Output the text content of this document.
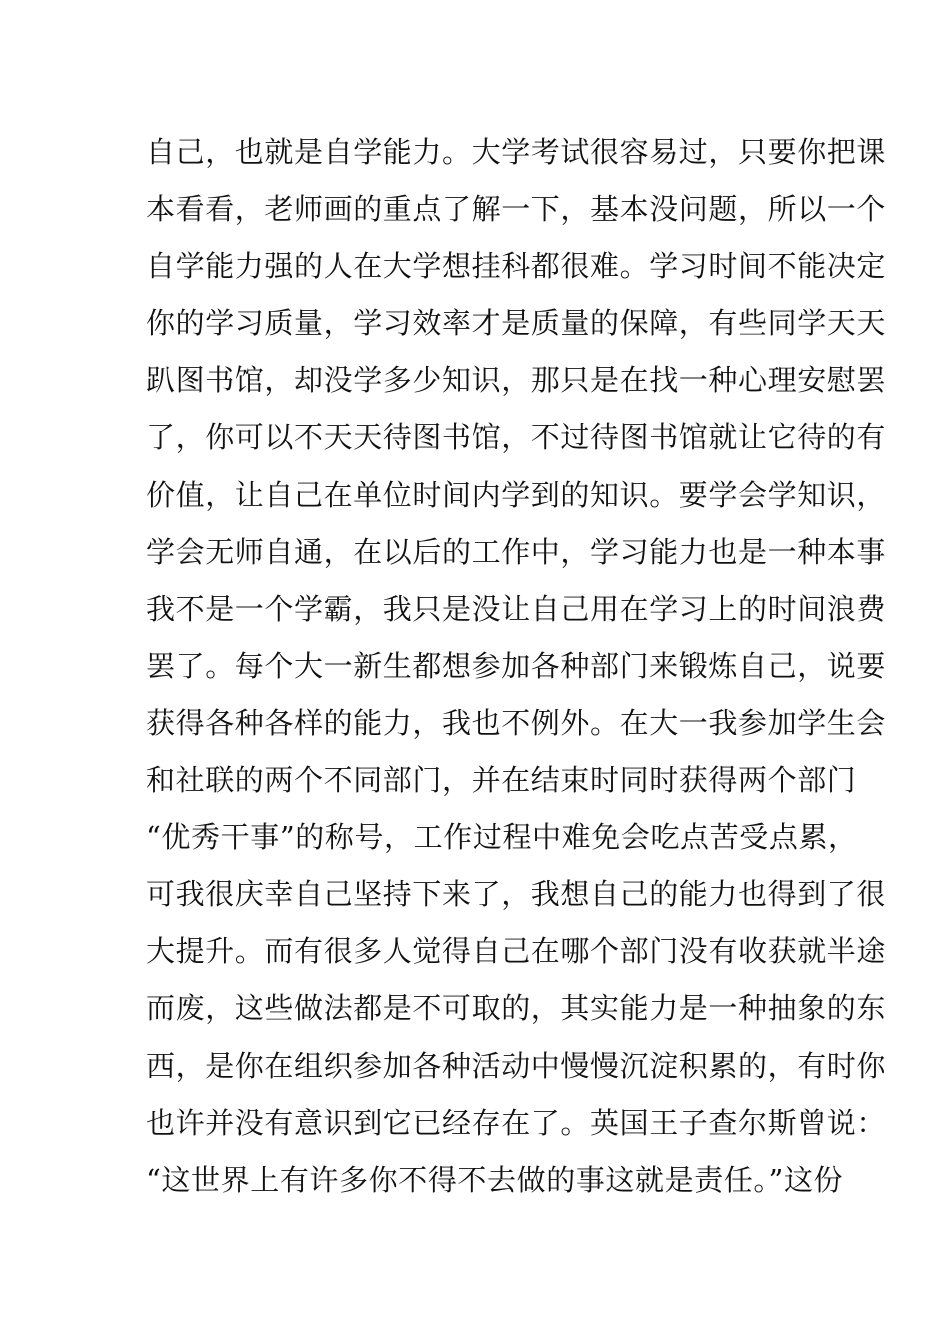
自己，也就是自学能力。大学考试很容易过，只要你把课
本看看，老师画的重点了解一下，基本没问题，所以一个
自学能力强的人在大学想挂科都很难。学习时间不能决定
你的学习质量，学习效率才是质量的保障，有些同学天天
趴图书馆，却没学多少知识，那只是在找一种心理安慰罢
了，你可以不天天待图书馆，不过待图书馆就让它待的有
价值，让自己在单位时间内学到的知识。要学会学知识，
学会无师自通，在以后的工作中，学习能力也是一种本事
我不是一个学霸，我只是没让自己用在学习上的时间浪费
罢了。每个大一新生都想参加各种部门来锻炼自己，说要
获得各种各样的能力，我也不例外。在大一我参加学生会
和社联的两个不同部门，并在结束时同时获得两个部门
“优秀干事”的称号，工作过程中难免会吃点苦受点累，
可我很庆幸自己坚持下来了，我想自己的能力也得到了很
大提升。而有很多人觉得自己在哪个部门没有收获就半途
而废，这些做法都是不可取的，其实能力是一种抽象的东
西，是你在组织参加各种活动中慢慢沉淀积累的，有时你
也许并没有意识到它已经存在了。英国王子查尔斯曾说：
“这世界上有许多你不得不去做的事这就是责任。”这份
